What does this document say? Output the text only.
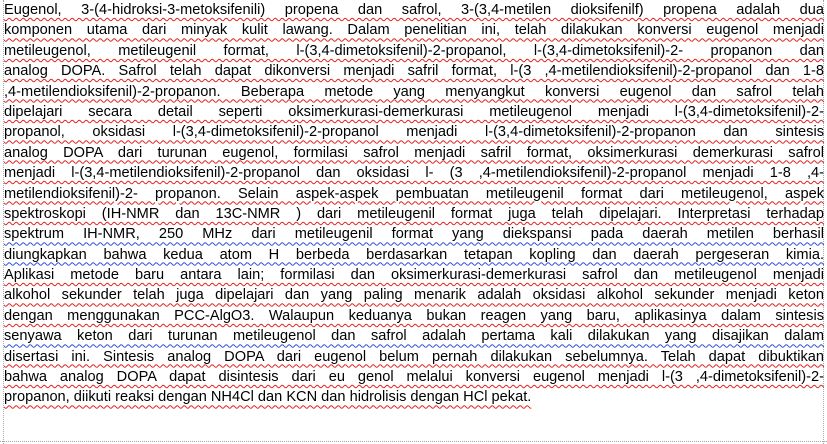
Eugenol, 3-(4-hidroksi-3-metoksifenili) propena dan safrol, 3-(3,4-metilen dioksifenilf) propena adalah dua
komponen utama dari minyak kulit lawang. Dalam penelitian ini, telah dilakukan konversi eugenol menjadi
metileugenol, metileugenil format, l-(3,4-dimetoksifenil)-2-propanol, l-(3,4-dimetoksifenil)-2- propanon dan
analog DOPA. Safrol telah dapat dikonversi menjadi safril format, l-(3 ,4-metilendioksifenil)-2-propanol dan 1-8
,4-metilendioksifenil)-2-propanon. Beberapa metode yang menyangkut konversi eugenol dan safrol telah
dipelajari secara detail seperti oksimerkurasi-demerkurasi metileugenol menjadi l-(3,4-dimetoksifenil)-2-
propanol, oksidasi l-(3,4-dimetoksifenil)-2-propanol menjadi l-(3,4-dimetoksifenil)-2-propanon dan sintesis
analog DOPA dari turunan eugenol, formilasi safrol menjadi safril format, oksimerkurasi demerkurasi safrol
menjadi l-(3,4-metilendioksifenil)-2-propanol dan oksidasi l- (3 ,4-metilendioksifenil)-2-propanol menjadi 1-8 ,4-
metilendioksifenil)-2- propanon. Selain aspek-aspek pembuatan metileugenil format dari metileugenol, aspek
spektroskopi (IH-NMR dan 13C-NMR ) dari metileugenil format juga telah dipelajari. Interpretasi terhadap
spektrum IH-NMR, 250 MHz dari metileugenil format yang diekspansi pada daerah metilen berhasil
diungkapkan bahwa kedua atom H berbeda berdasarkan tetapan kopling dan daerah pergeseran kimia.
Aplikasi metode baru antara lain; formilasi dan oksimerkurasi-demerkurasi safrol dan metileugenol menjadi
alkohol sekunder telah juga dipelajari dan yang paling menarik adalah oksidasi alkohol sekunder menjadi keton
dengan menggunakan PCC-AlgO3. Walaupun keduanya bukan reagen yang baru, aplikasinya dalam sintesis
senyawa keton dari turunan metileugenol dan safrol adalah pertama kali dilakukan yang disajikan dalam
disertasi ini. Sintesis analog DOPA dari eugenol belum pernah dilakukan sebelumnya. Telah dapat dibuktikan
bahwa analog DOPA dapat disintesis dari eu genol melalui konversi eugenol menjadi l-(3 ,4-dimetoksifenil)-2-
propanon, diikuti reaksi dengan NH4Cl dan KCN dan hidrolisis dengan HCl pekat.
